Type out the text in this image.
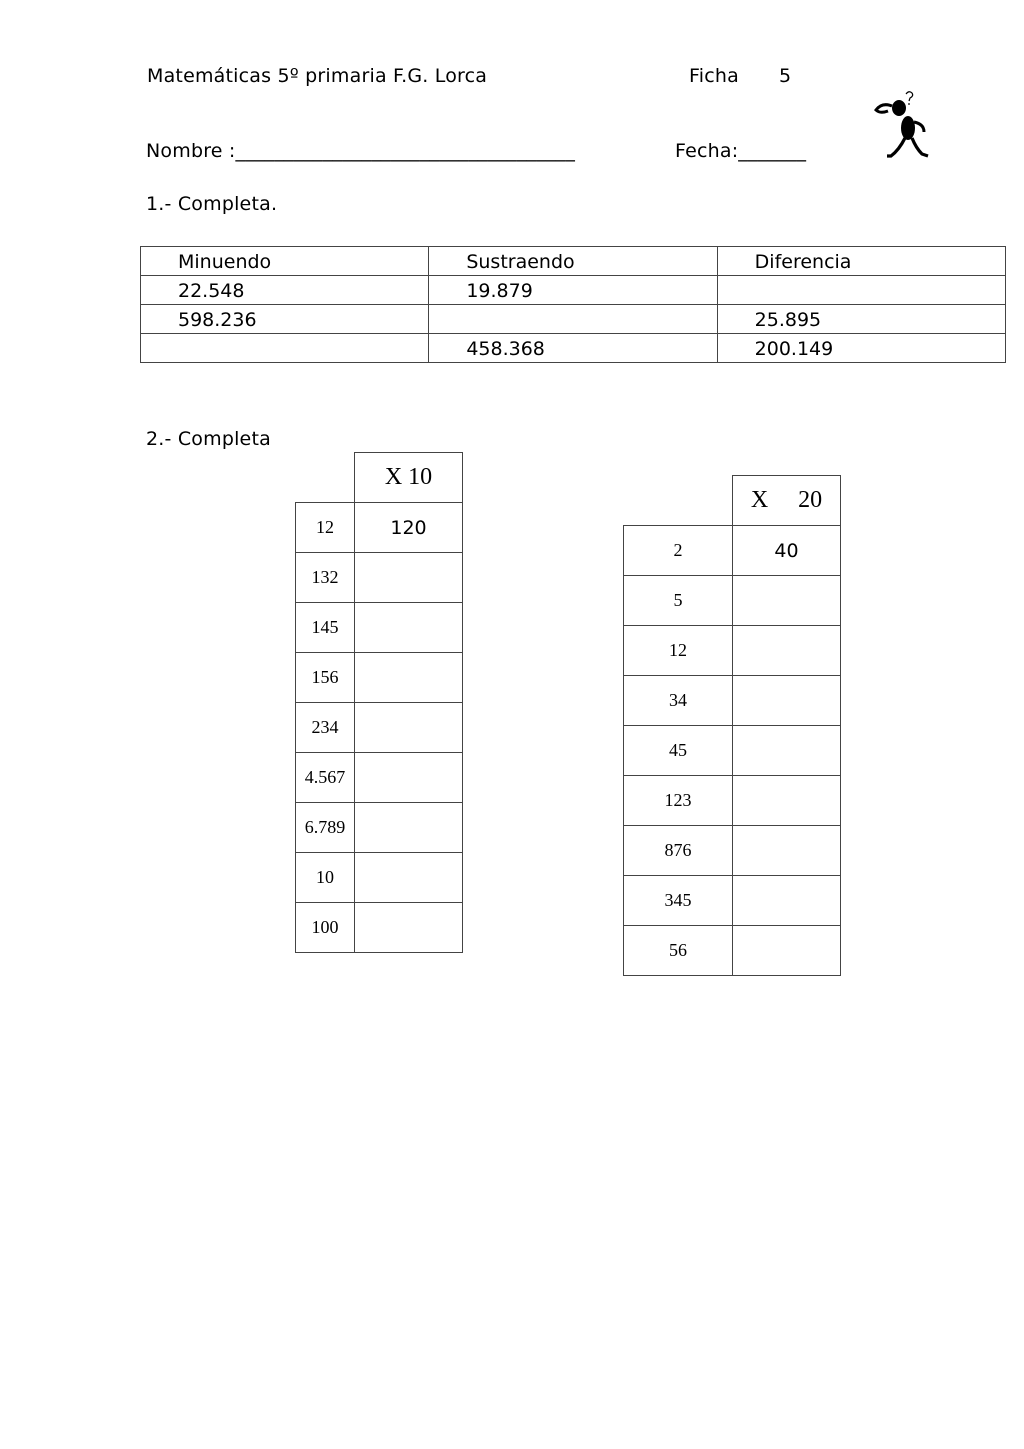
Matemáticas 5º primaria F.G. Lorca	Ficha 5
Nombre :___________________________________	Fecha:_______
1.- Completa.
Minuendo	Sustraendo	Diferencia
22.548	19.879	
598.236		25.895
	458.368	200.149
2.- Completa
	X 10
12	120
132	
145	
156	
234	
4.567	
6.789	
10	
100	
	X     20
2	40
5	
12	
34	
45	
123	
876	
345	
56	
